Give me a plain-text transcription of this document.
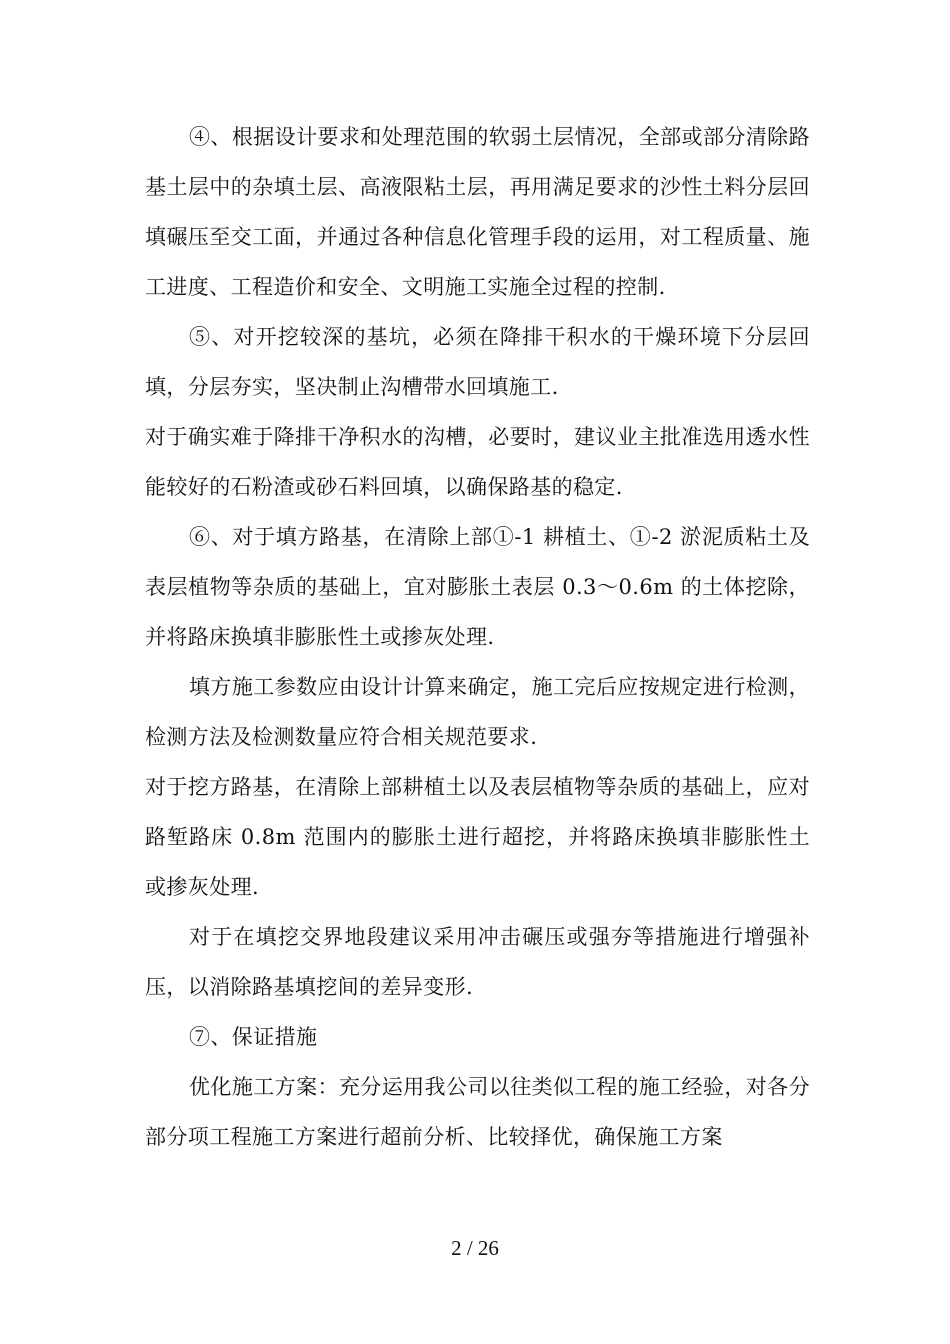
④、根据设计要求和处理范围的软弱土层情况，全部或部分清除路基土层中的杂填土层、高液限粘土层，再用满足要求的沙性土料分层回填碾压至交工面，并通过各种信息化管理手段的运用，对工程质量、施工进度、工程造价和安全、文明施工实施全过程的控制.

⑤、对开挖较深的基坑，必须在降排干积水的干燥环境下分层回填，分层夯实，坚决制止沟槽带水回填施工.

对于确实难于降排干净积水的沟槽，必要时，建议业主批准选用透水性能较好的石粉渣或砂石料回填，以确保路基的稳定.

⑥、对于填方路基，在清除上部①-1 耕植土、①-2 淤泥质粘土及表层植物等杂质的基础上，宜对膨胀土表层 0.3～0.6m 的土体挖除，并将路床换填非膨胀性土或掺灰处理.

填方施工参数应由设计计算来确定，施工完后应按规定进行检测，检测方法及检测数量应符合相关规范要求.

对于挖方路基，在清除上部耕植土以及表层植物等杂质的基础上，应对路堑路床 0.8m 范围内的膨胀土进行超挖，并将路床换填非膨胀性土或掺灰处理.

对于在填挖交界地段建议采用冲击碾压或强夯等措施进行增强补压，以消除路基填挖间的差异变形.

⑦、保证措施

优化施工方案：充分运用我公司以往类似工程的施工经验，对各分部分项工程施工方案进行超前分析、比较择优，确保施工方案

2 / 26
